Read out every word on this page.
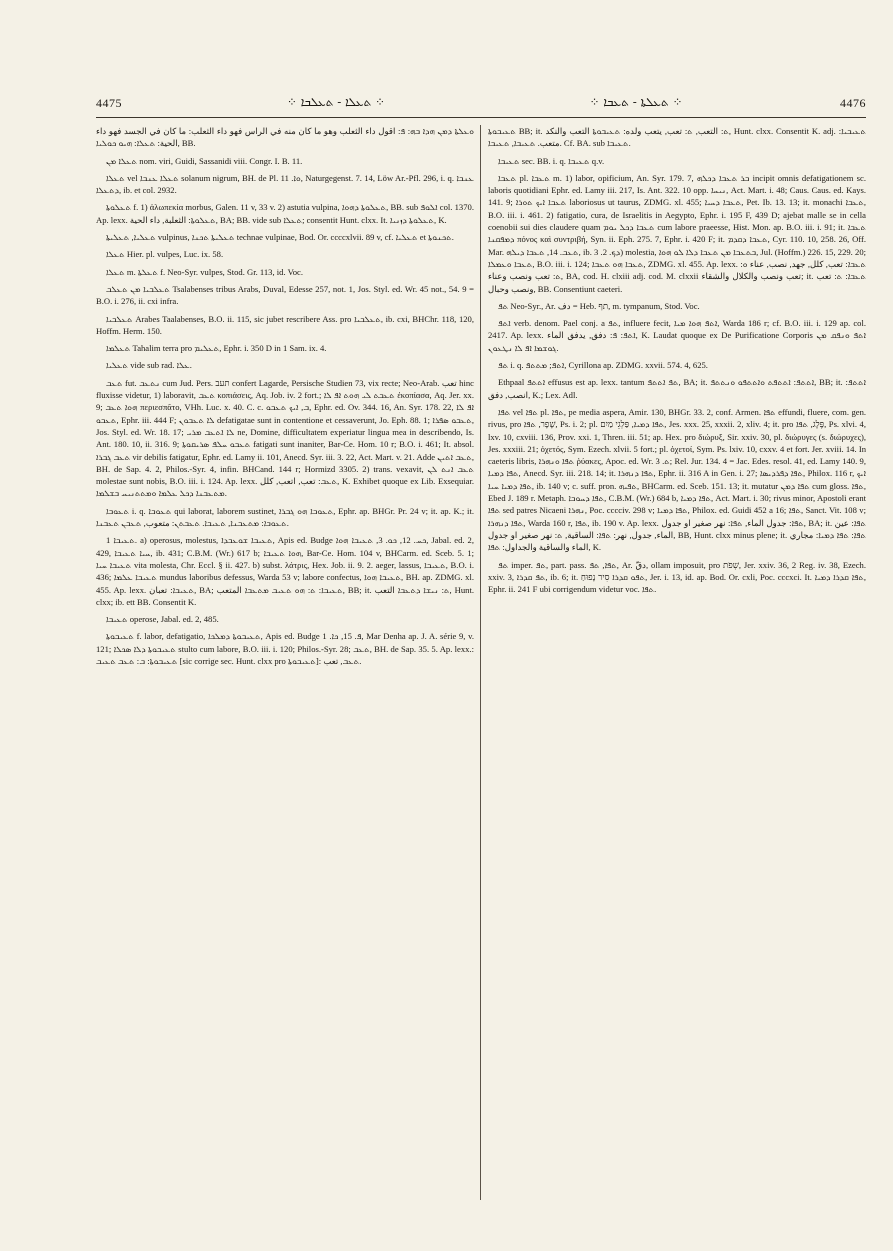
4475	⁘ ܬܥܠܐ - ܬܥܠܒܐ ⁘	⁘ ܬܥܠܬܐ - ܬܥܒܐ ⁘	4476

ܘܥܠܬܐ ܕܡܢ ܗܕܐ ܒܗ: ܦ: اقول داء الثعلب وهو ما كان منه في الراس فهو داء الثعلب: ما كان في الجسد فهو داء الحية: ܬܥܠܐ: ܗܝܘ ܟܘܠܝܐ, BB.

ܬܥܠܐ ܡܢ nom. viri, Guidi, Sassanidi viii. Congr. I. B. 11.

ܬܥܠܐ vel ܬܥܠܐ ܥܢܒܐ solanum nigrum, BH. de Pl. ܘܐ. 11, Naturgegenst. 7. 14, Löw Ar.-Pfl. 296, i. q. ܥܢܒܐ ܕܬܥܠܐ, ib. et col. 2932.

ܬܥܠܘܬܐ f. 1) ἀλωπεκία morbus, Galen. 11 v, 33 v. 2) astutia vulpina, ܬܥܠܘܬܐ ܕܗܘܐ, BB. sub ܐܠܘܦ col. 1370. Ap. lexx. ܬܥܠܘܬܐ: الثعلبة, داء الحية, BA; BB. vide sub ܬܥܠܐ; consentit Hunt. clxx. It. ܬܥܠܘܬܐ ܕܙܢܝܐ, K.

ܬܥܠܝܐ, ܬܥܠܝܬܐ vulpinus, ܬܥܠܝܬܐ ܬܟܢܐ technae vulpinae, Bod. Or. ccccxlvii. 89 v, cf. ܬܥܠܝܐ et ܬܟܢܘܬܐ.

ܬܥܠܐ Hier. pl. vulpes, Luc. ix. 58.

ܬܥܠܐ m. ܬܥܠܬܐ f. Neo-Syr. vulpes, Stod. Gr. 113, id. Voc.

ܬܥܠܒܝܐ ܡܢ ܬܥܠܒ Tsalabenses tribus Arabs, Duval, Edesse 257, not. 1, Jos. Styl. ed. Wr. 45 not., 54. 9 = B.O. i. 276, ii. cxi infra.

ܬܥܠܒܝܐ Arabes Taalabenses, B.O. ii. 115, sic jubet rescribere Ass. pro ܬܥܠܒܝܐ, ib. cxi, BHChr. 118, 120, Hoffm. Herm. 150.

ܬܥܠܡܐ Tahalim terra pro ܬܥܠܝܡ, Ephr. i. 350 D in 1 Sam. ix. 4.

ܬܥܠܝܐ vide sub rad. ܥܠܐ.

ܬܥܒ fut. ܢܬܥܒ cum Jud. Pers. תעב confert Lagarde, Persische Studien 73, vix recte; Neo-Arab. تعب hinc fluxisse videtur, 1) laboravit, ܬܥܒ κοπιάσεις, Aq. Job. iv. 2 fort.; ܬܥܒܬ ܠܝ ܗܘܬ ܐܦ ܠܐ ἐκοπίασα, Aq. Jer. xx. 9; ܗܘܐ ܬܥܒ περιεσπᾶτο, VHh. Luc. x. 40. C. c. ܒ, ܐܝܟ ܬܥܒܘ, Ephr. ed. Ov. 344. 16, An. Syr. 178. 22, ܐܦ ܠܐ ܬܥܒܘ, Ephr. iii. 444 F; ܠܐ ܬܥܒܘܢ defatigatae sunt in contentione et cessaverunt, Jo. Eph. 88. 1; ܬܥܒܘ ܣܦܪܐ, Jos. Styl. ed. Wr. 18. 17; ܠܐ ܐܬܥܒ ܡܪܝ ne, Domine, difficultatem experiatur lingua mea in describendo, Is. Ant. 180. 10, ii. 316. 9; ܬܥܒܘ ܚܠܦ ܣܪܝܩܘܬܐ fatigati sunt inaniter, Bar-Ce. Hom. 10 r; B.O. i. 461; It. absol. ܬܥܒ ܓܒܪܐ vir debilis fatigatur, Ephr. ed. Lamy ii. 101, Anecd. Syr. iii. 3. 22, Act. Mart. v. 21. Adde ܬܥܒ ܐܬܝܢ, BH. de Sap. 4. 2, Philos.-Syr. 4, infin. BHCand. 144 r; Hormizd 3305. 2) trans. vexavit, ܬܥܒ ܐܢܬ ܠܢ molestae sunt nobis, B.O. iii. i. 124. Ap. lexx. ܬܥܒ: تعب, اتعب, كلل, K. Exhibet quoque ex Lib. Exsequiar. ܡܬܥܒܢܐ ܕܟܠ ܥܠܡܐ ܘܡܬܬܢܝܚ ܒܫܠܡܐ.

ܬܥܘܒܐ i. q. ܬܥܘܒܐ qui laborat, laborem sustinet, ܬܥܘܒܐ ܗܘ ܓܒܪܐ, Ephr. ap. BHGr. Pr. 24 v; it. ap. K.; it. ܬܥܘܒܐ: ܡܬܥܒܢܐ, ܬܥܝܒܐ. ܬܥܒܬܢ: متعوب, ܬܥܒܢ ܬܥܒܢܐ.

ܬܥܝܒܐ 1. a) operosus, molestus, ܬܥܝܒܐ ܫܘܥܒܕܐ, Apis ed. Budge ܟܚ. 12, ܟܘ. 3, ܬܥܝܒܐ ܗܘܐ, Jabal. ed. 2, 429, ܚܝܐ ܬܥܝܒܐ, ib. 431; C.B.M. (Wr.) 617 b; ܗܘܐ ܬܥܝܒܐ, Bar-Ce. Hom. 104 v, BHCarm. ed. Sceb. 5. 1; ܬܥܝܒܐ ܚܝܐ vita molesta, Chr. Eccl. § ii. 427. b) subst. λάτρις, Hex. Job. ii. 9. 2. aeger, lassus, ܬܥܝܒܐ, B.O. i. 436; ܬܥܝܒܐ ܥܠܡܐ mundus laboribus defessus, Warda 53 v; labore confectus, ܬܥܝܒܐ ܗܘܐ, BH. ap. ZDMG. xl. 455. Ap. lexx. ܬܥܝܒܐ: تعبان, BA; ܬܥܝܒܐ: ܬ: ܗܘ ܬܥܝܒ ܡܬܥܒܐ المتعب, BB; it. ܬ: ܢܝܫܐ ܕܬܥܒܐ التعب, Hunt. clxx; ib. ett BB. Consentit K.

ܬܥܝܒܐ operose, Jabal. ed. 2, 485.

ܬܥܝܒܘܬܐ f. labor, defatigatio, ܬܥܝܒܘܬܐ ܕܡܠܟܐ, Apis ed. Budge ܦ. 15, ܟܐ. 1, Mar Denha ap. J. A. série 9, v. 121; ܬܥܝܒܘܬܐ ܕܠܐ ܣܟܠܐ stulto cum labore, B.O. iii. i. 120; Philos.-Syr. 28; ܬܥܒ, BH. de Sap. 35. 5. Ap. lexx.: ܬܥܝܒܘܬܐ: ܒ: ܬܥܒ ܬܥܝܒ [sic corrige sec. Hunt. clxx pro ܬܥܝܒܘܬܐ]: ܬܥܒ, تعب.

ܬܥܝܒܘܬܐ BB; it. ܬ: التعب, ܬ: تعب, يتعب ولده: ܬܥܝܒܘܬܐ التعب والنكد, Hunt. clxx. Consentit K. adj. ܬܥܝܒܝܐ: متعب. ܬܥܝܒܐ, ܬܥܝܒܐ. Cf. BA. sub ܬܥܝܒܐ.

ܬܥܝܒܐ sec. BB. i. q. ܬܥܝܒܐ q.v.

ܬܥܒܐ pl. ܬܥܒܐ m. 1) labor, opificium, An. Syr. 179. 7, ܒܪ ܬܥܒܐ ܕܟܠܗ incipit omnis defatigationem sc. laboris quotidiani Ephr. ed. Lamy iii. 217, Is. Ant. 322. 10 opp. ܢܝܚܐ, Act. Mart. i. 48; Caus. Caus. ed. Kays. 141. 9; ܬܥܒܐ ܐܝܟ ܬܘܪܐ laboriosus ut taurus, ZDMG. xl. 455; ܬܥܒܐ ܕܚܝܐ, Pet. Ib. 13. 13; it. monachi ܬܥܒܐ, B.O. iii. i. 461. 2) fatigatio, cura, de Israelitis in Aegypto, Ephr. i. 195 F, 439 D; ajebat malle se in cella coenobii sui dies claudere quam ܬܥܒܐ ܕܟܠ ܝܘܡ cum labore praeesse, Hist. Mon. ap. B.O. iii. i. 91; it. ܬܥܒܐ ܕܡܦܩܢܐ πόνος καὶ συντριβή, Syn. ii. Eph. 275. 7, Ephr. i. 420 F; it. ܬܥܒܐ ܕܩܕܡ, Cyr. 110. 10, 258. 26, Off. Mar. ܬܥܒ. 14, ܬܥܒܐ ܕܝܠܗ, ib. ܕܟ. 2. 3) molestia, ܒܬܥܒܐ ܡܢ ܬܥܒܐ ܕܠܐ ܠܘ ܗܘܐ, Jul. (Hoffm.) 226. 15, 229. 20; ܬܥܒܐ ܘܥܡܠܐ, B.O. iii. i. 124; ܬܥܒܐ ܗܘ ܬܥܒܐ, ZDMG. xl. 455. Ap. lexx. ܬܥܒܐ: تعب, كلل, جهد, نصب, عناء ܘ: ܬ: تعب ونصب وعناء, BA, cod. H. clxiii adj. cod. M. clxxii تعب ونصب والكلال والشقاء; it. ܬܥܒܐ: ܬ: تعب ونصب وحبال, BB. Consentiunt caeteri.

ܬܦ Neo-Syr., Ar. دف = Heb. תף, m. tympanum, Stod. Voc.

ܐܬܦ verb. denom. Pael conj. a ܬܦ, influere fecit, ܐܬܦ ܗܘܐ ܡܝܐ, Warda 186 r; cf. B.O. iii. i. 129 ap. col. 2417. Ap. lexx. ܐܬܦ: ܦ: دفق, يدفق الماء, K. Laudat quoque ex De Purificatione Corporis ܐܬܦ ܘܢܦܩ ܡܢ ܓܘܫܡܐ ܐܦ ܠܐ ܢܛܥܘܢ.

ܬܦ i. q. ܐܬܦ; ܡܬܬܦ, Cyrillona ap. ZDMG. xxvii. 574. 4, 625.

Ethpaal ܐܬܬܦ effusus est ap. lexx. tantum ܬܦ ܐܬܬܦ, BA; it. ܐܬܬܦ: ܐܬܬܦܬ ܘܐܬܬܦܘ ܘܢܬܬܦ, BB; it. ܐܬܬܦ: انصب, دفق, K.; Lex. Adl.

ܬܦܐ vel ܬܦܐ pl. ܬܦܐ, pe media aspera, Amir. 130, BHGr. 33. 2, conf. Armen. ܬܦܐ effundi, fluere, com. gen. rivus, pro שָׁפָר, ܬܦܐ, Ps. i. 2; pl. ܬܦܐ ܕܡܝܐ, פַּלְגֵי מַיִם, Jes. xxx. 25, xxxii. 2, xliv. 4; it. pro פֶּלֶג, ܬܦܐ, Ps. xlvi. 4, lxv. 10, cxviii. 136, Prov. xxi. 1, Thren. iii. 51; ap. Hex. pro διώρυξ, Sir. xxiv. 30, pl. διώρυγες (s. διώρυχες), Jes. xxxiii. 21; ὀχετός, Sym. Ezech. xlvii. 5 fort.; pl. ὀχετοί, Sym. Ps. lxiv. 10, cxxv. 4 et fort. Jer. xviii. 14. In caeteris libris, ܬܦܐ ܘܢܗܪܐ ῥύακες, Apoc. ed. Wr. ܬ. 3; Rel. Jur. 134. 4 = Jac. Edes. resol. 41, ed. Lamy 140. 9, ܬܦܐ ܕܡܝܐ, Anecd. Syr. iii. 218. 14; it. ܬܦܐ ܕܢܗܪܐ, Ephr. ii. 316 A in Gen. i. 27; ܬܦܐ ܕܦܪܕܝܣܐ, Philox. 116 r, ܐܝܟ ܬܦܐ ܕܡܝܐ ܚܝܐ, ib. 140 v; c. suff. pron. ܬܦܝܗ, BHCarm. ed. Sceb. 151. 13; it. mutatur ܬܦܐ ܕܡܢ cum gloss. ܬܦܐ, Ebed J. 189 r. Metaph. ܬܦܐ ܕܚܘܒܐ, C.B.M. (Wr.) 684 b, ܬܦܐ ܕܡܝܐ, Act. Mart. i. 30; rivus minor, Apostoli erant ܬܦܐ sed patres Nicaeni ܢܗܪܐ, Poc. cccciv. 298 v; ܬܦܐ ܕܡܝܐ, Philox. ed. Guidi 452 a 16; ܬܦܐ, Sanct. Vit. 108 v; ܬܦܐ ܕܢܗܪܐ, Warda 160 r, ܬܦܐ, ib. 190 v. Ap. lexx. ܬܦܐ: جدول الماء, ܬܦܐ: نهر صغير او جدول, BA; it. ܬܦܐ: عين الماء, جدول, نهر: ܬܦܐ: الساقية, ܬ: نهر صغير او جدول, BB, Hunt. clxx minus plene; it. ܬܦܐ: ܬܦܐ ܕܡܝܐ: مجاري الماء والساقية والجداول: ܬܦܐ, K.

ܬܦ imper. ܬܦ, part. pass. ܬܦܐ, ܬܦ, Ar. دقّ, ollam imposuit, pro שְׁפֹת, Jer. xxiv. 36, 2 Reg. iv. 38, Ezech. xxiv. 3, ܬܦ ܩܕܪܐ, ib. 6; it. ܬܦܘ ܩܕܪܐ סִיר נָפוּחַ, Jer. i. 13, id. ap. Bod. Or. cxli, Poc. cccxci. It. ܬܦܐ ܩܕܪܐ ܕܡܝܐ, Ephr. ii. 241 F ubi corrigendum videtur voc. ܬܦܐ.
